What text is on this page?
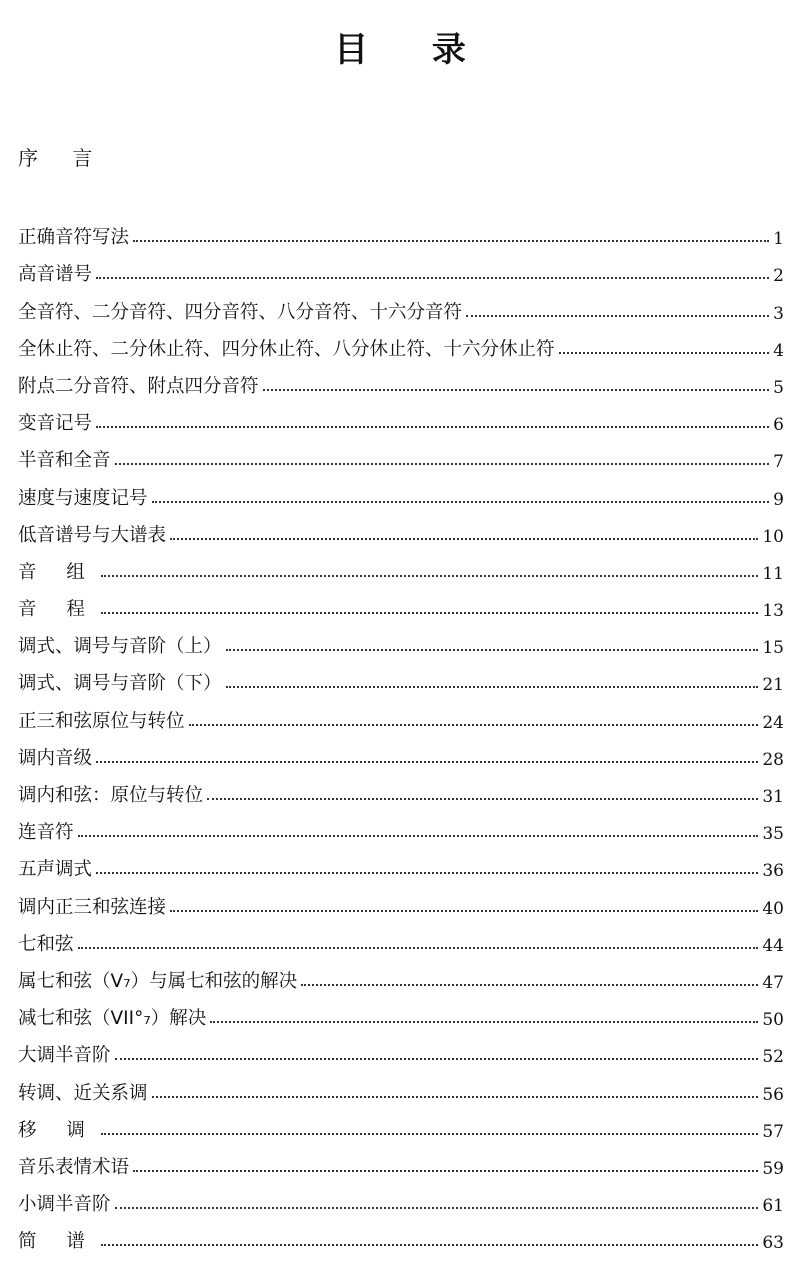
目 录
序 言
正确音符写法	1
高音谱号	2
全音符、二分音符、四分音符、八分音符、十六分音符	3
全休止符、二分休止符、四分休止符、八分休止符、十六分休止符	4
附点二分音符、附点四分音符	5
变音记号	6
半音和全音	7
速度与速度记号	9
低音谱号与大谱表	10
音 组	11
音 程	13
调式、调号与音阶（上）	15
调式、调号与音阶（下）	21
正三和弦原位与转位	24
调内音级	28
调内和弦：原位与转位	31
连音符	35
五声调式	36
调内正三和弦连接	40
七和弦	44
属七和弦（V₇）与属七和弦的解决	47
减七和弦（VII°₇）解决	50
大调半音阶	52
转调、近关系调	56
移 调	57
音乐表情术语	59
小调半音阶	61
简 谱	63
